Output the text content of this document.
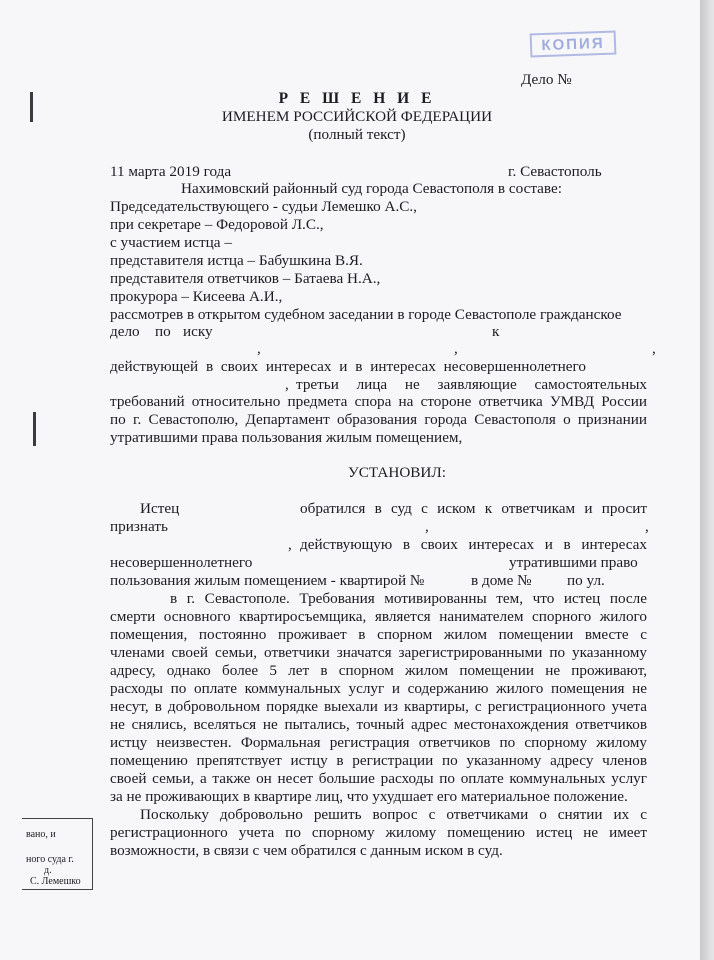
КОПИЯ
Дело №
Р Е Ш Е Н И Е
ИМЕНЕМ РОССИЙСКОЙ ФЕДЕРАЦИИ
(полный текст)
11 марта 2019 года	г. Севастополь
Нахимовский районный суд города Севастополя в составе:
Председательствующего - судьи Лемешко А.С.,
при секретаре – Федоровой Л.С.,
с участием истца –
представителя истца – Бабушкина В.Я.
представителя ответчиков – Батаева Н.А.,
прокурора – Кисеева А.И.,
рассмотрев в открытом судебном заседании в городе Севастополе гражданское
дело по иску	к
,	,	,
действующей в своих интересах и в интересах несовершеннолетнего
, третьи лица не заявляющие самостоятельных
требований относительно предмета спора на стороне ответчика УМВД России
по г. Севастополю, Департамент образования города Севастополя о признании
утратившими права пользования жилым помещением,
УСТАНОВИЛ:
Истец	обратился в суд с иском к ответчикам и просит
признать	,	,
, действующую в своих интересах и в интересах
несовершеннолетнего	утратившими право
пользования жилым помещением - квартирой №	в доме № по ул.
в г. Севастополе. Требования мотивированны тем, что истец после
смерти основного квартиросъемщика, является нанимателем спорного жилого
помещения, постоянно проживает в спорном жилом помещении вместе с
членами своей семьи, ответчики значатся зарегистрированными по указанному
адресу, однако более 5 лет в спорном жилом помещении не проживают,
расходы по оплате коммунальных услуг и содержанию жилого помещения не
несут, в добровольном порядке выехали из квартиры, с регистрационного учета
не снялись, вселяться не пытались, точный адрес местонахождения ответчиков
истцу неизвестен. Формальная регистрация ответчиков по спорному жилому
помещению препятствует истцу в регистрации по указанному адресу членов
своей семьи, а также он несет большие расходы по оплате коммунальных услуг
за не проживающих в квартире лиц, что ухудшает его материальное положение.
Поскольку добровольно решить вопрос с ответчиками о снятии их с
регистрационного учета по спорному жилому помещению истец не имеет
возможности, в связи с чем обратился с данным иском в суд.
вано, и
ного суда г.
д.
С. Лемешко
